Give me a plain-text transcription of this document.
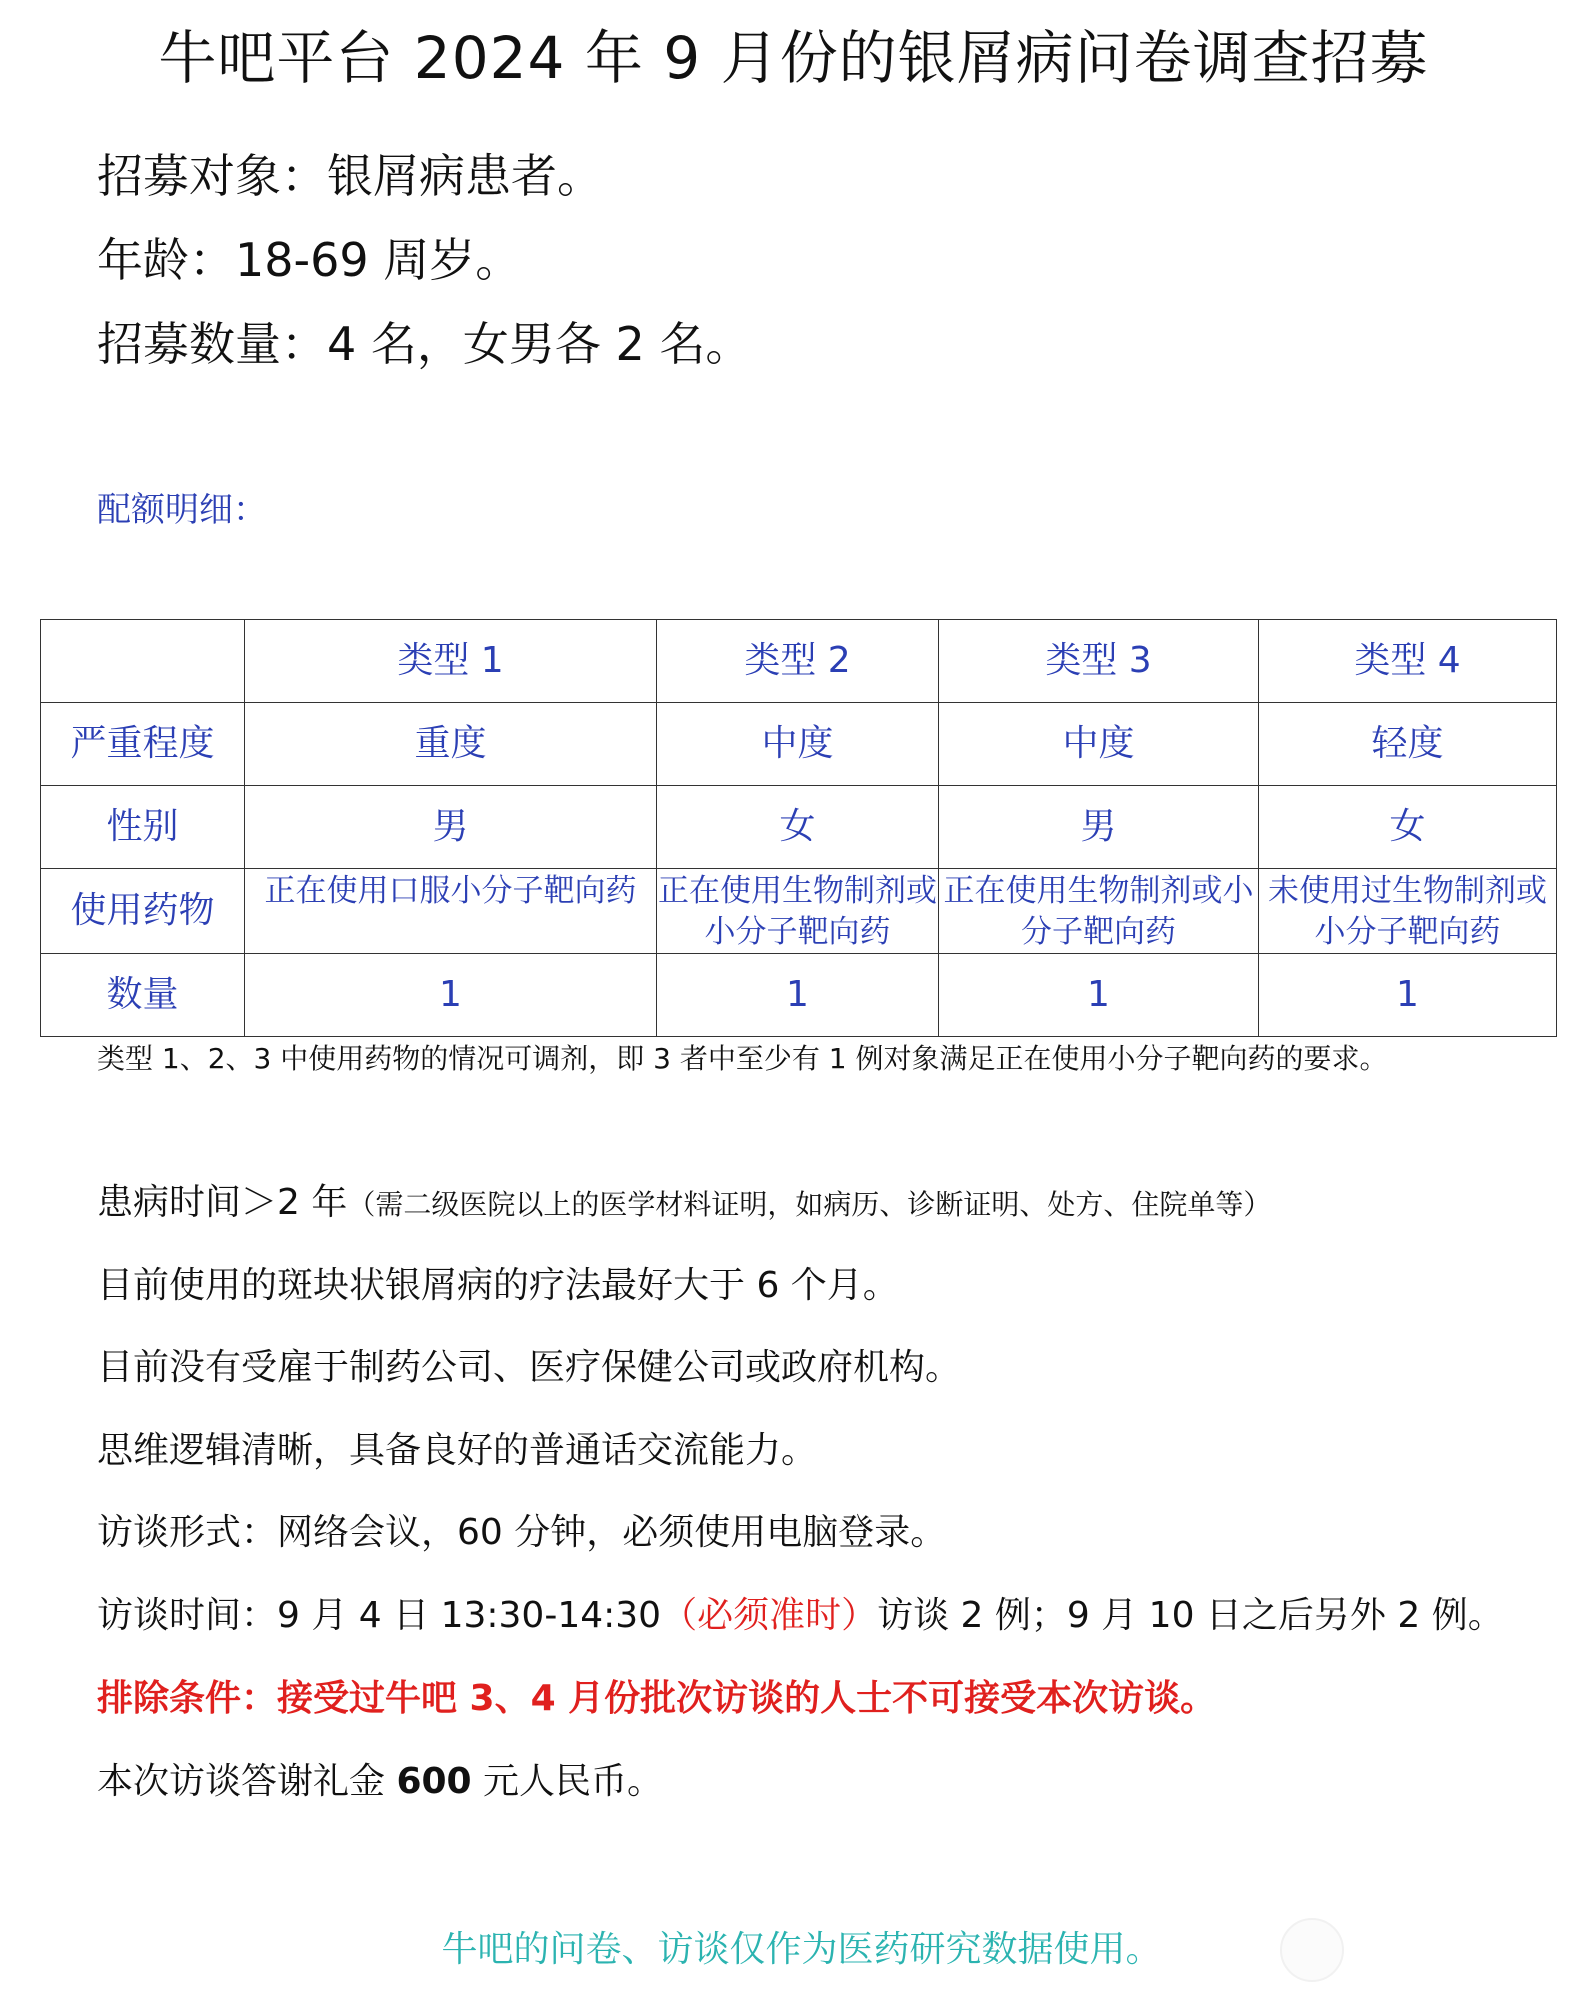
牛吧平台 2024 年 9 月份的银屑病问卷调查招募
招募对象：银屑病患者。
年龄：18-69 周岁。
招募数量：4 名，女男各 2 名。
配额明细：
	类型 1	类型 2	类型 3	类型 4
严重程度	重度	中度	中度	轻度
性别	男	女	男	女
使用药物	正在使用口服小分子靶向药	正在使用生物制剂或小分子靶向药	正在使用生物制剂或小分子靶向药	未使用过生物制剂或小分子靶向药
数量	1	1	1	1
类型 1、2、3 中使用药物的情况可调剂，即 3 者中至少有 1 例对象满足正在使用小分子靶向药的要求。
患病时间＞2 年（需二级医院以上的医学材料证明，如病历、诊断证明、处方、住院单等）
目前使用的斑块状银屑病的疗法最好大于 6 个月。
目前没有受雇于制药公司、医疗保健公司或政府机构。
思维逻辑清晰，具备良好的普通话交流能力。
访谈形式：网络会议，60 分钟，必须使用电脑登录。
访谈时间：9 月 4 日 13:30-14:30（必须准时）访谈 2 例；9 月 10 日之后另外 2 例。
排除条件：接受过牛吧 3、4 月份批次访谈的人士不可接受本次访谈。
本次访谈答谢礼金 600 元人民币。
牛吧的问卷、访谈仅作为医药研究数据使用。
